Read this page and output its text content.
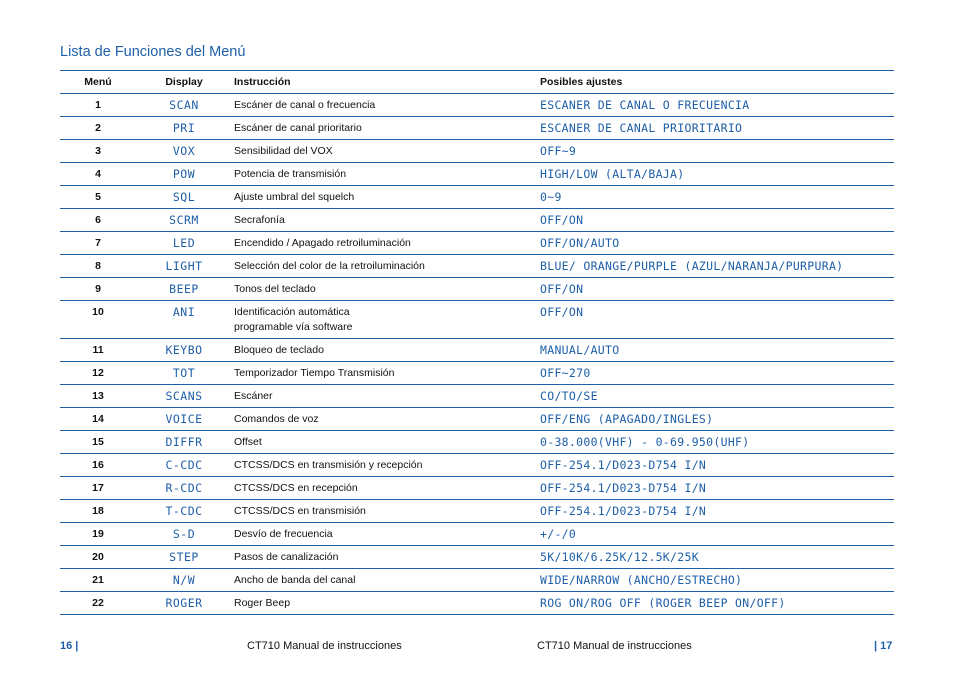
Lista de Funciones del Menú
Menú	Display	Instrucción	Posibles ajustes
1	SCAN	Escáner de canal o frecuencia	ESCANER DE CANAL O FRECUENCIA
2	PRI	Escáner de canal prioritario	ESCANER DE CANAL PRIORITARIO
3	VOX	Sensibilidad del VOX	OFF~9
4	POW	Potencia de transmisión	HIGH/LOW (ALTA/BAJA)
5	SQL	Ajuste umbral del squelch	0~9
6	SCRM	Secrafonía	OFF/ON
7	LED	Encendido / Apagado retroiluminación	OFF/ON/AUTO
8	LIGHT	Selección del color de la retroiluminación	BLUE/ ORANGE/PURPLE (AZUL/NARANJA/PURPURA)
9	BEEP	Tonos del teclado	OFF/ON
10	ANI	Identificación automática
programable vía software	OFF/ON
11	KEYBO	Bloqueo de teclado	MANUAL/AUTO
12	TOT	Temporizador Tiempo Transmisión	OFF~270
13	SCANS	Escáner	CO/TO/SE
14	VOICE	Comandos de voz	OFF/ENG (APAGADO/INGLES)
15	DIFFR	Offset	0-38.000(VHF) - 0-69.950(UHF)
16	C-CDC	CTCSS/DCS en transmisión y recepción	OFF-254.1/D023-D754 I/N
17	R-CDC	CTCSS/DCS en recepción	OFF-254.1/D023-D754 I/N
18	T-CDC	CTCSS/DCS en transmisión	OFF-254.1/D023-D754 I/N
19	S-D	Desvío de frecuencia	+/-/0
20	STEP	Pasos de canalización	5K/10K/6.25K/12.5K/25K
21	N/W	Ancho de banda del canal	WIDE/NARROW (ANCHO/ESTRECHO)
22	ROGER	Roger Beep	ROG ON/ROG OFF (ROGER BEEP ON/OFF)
16 |	CT710 Manual de instrucciones	CT710 Manual de instrucciones	| 17
